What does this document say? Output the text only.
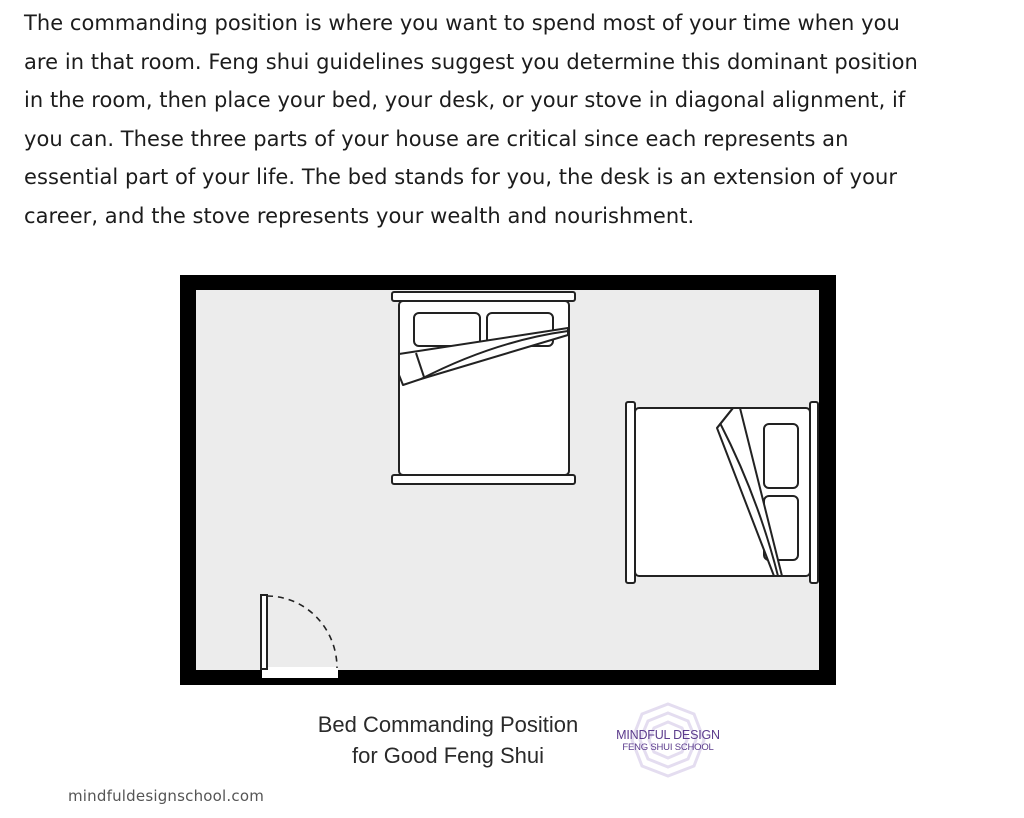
The commanding position is where you want to spend most of your time when you
are in that room. Feng shui guidelines suggest you determine this dominant position
in the room, then place your bed, your desk, or your stove in diagonal alignment, if
you can. These three parts of your house are critical since each represents an
essential part of your life. The bed stands for you, the desk is an extension of your
career, and the stove represents your wealth and nourishment.

Bed Commanding Position
for Good Feng Shui
MINDFUL DESIGN
FENG SHUI SCHOOL
mindfuldesignschool.com
